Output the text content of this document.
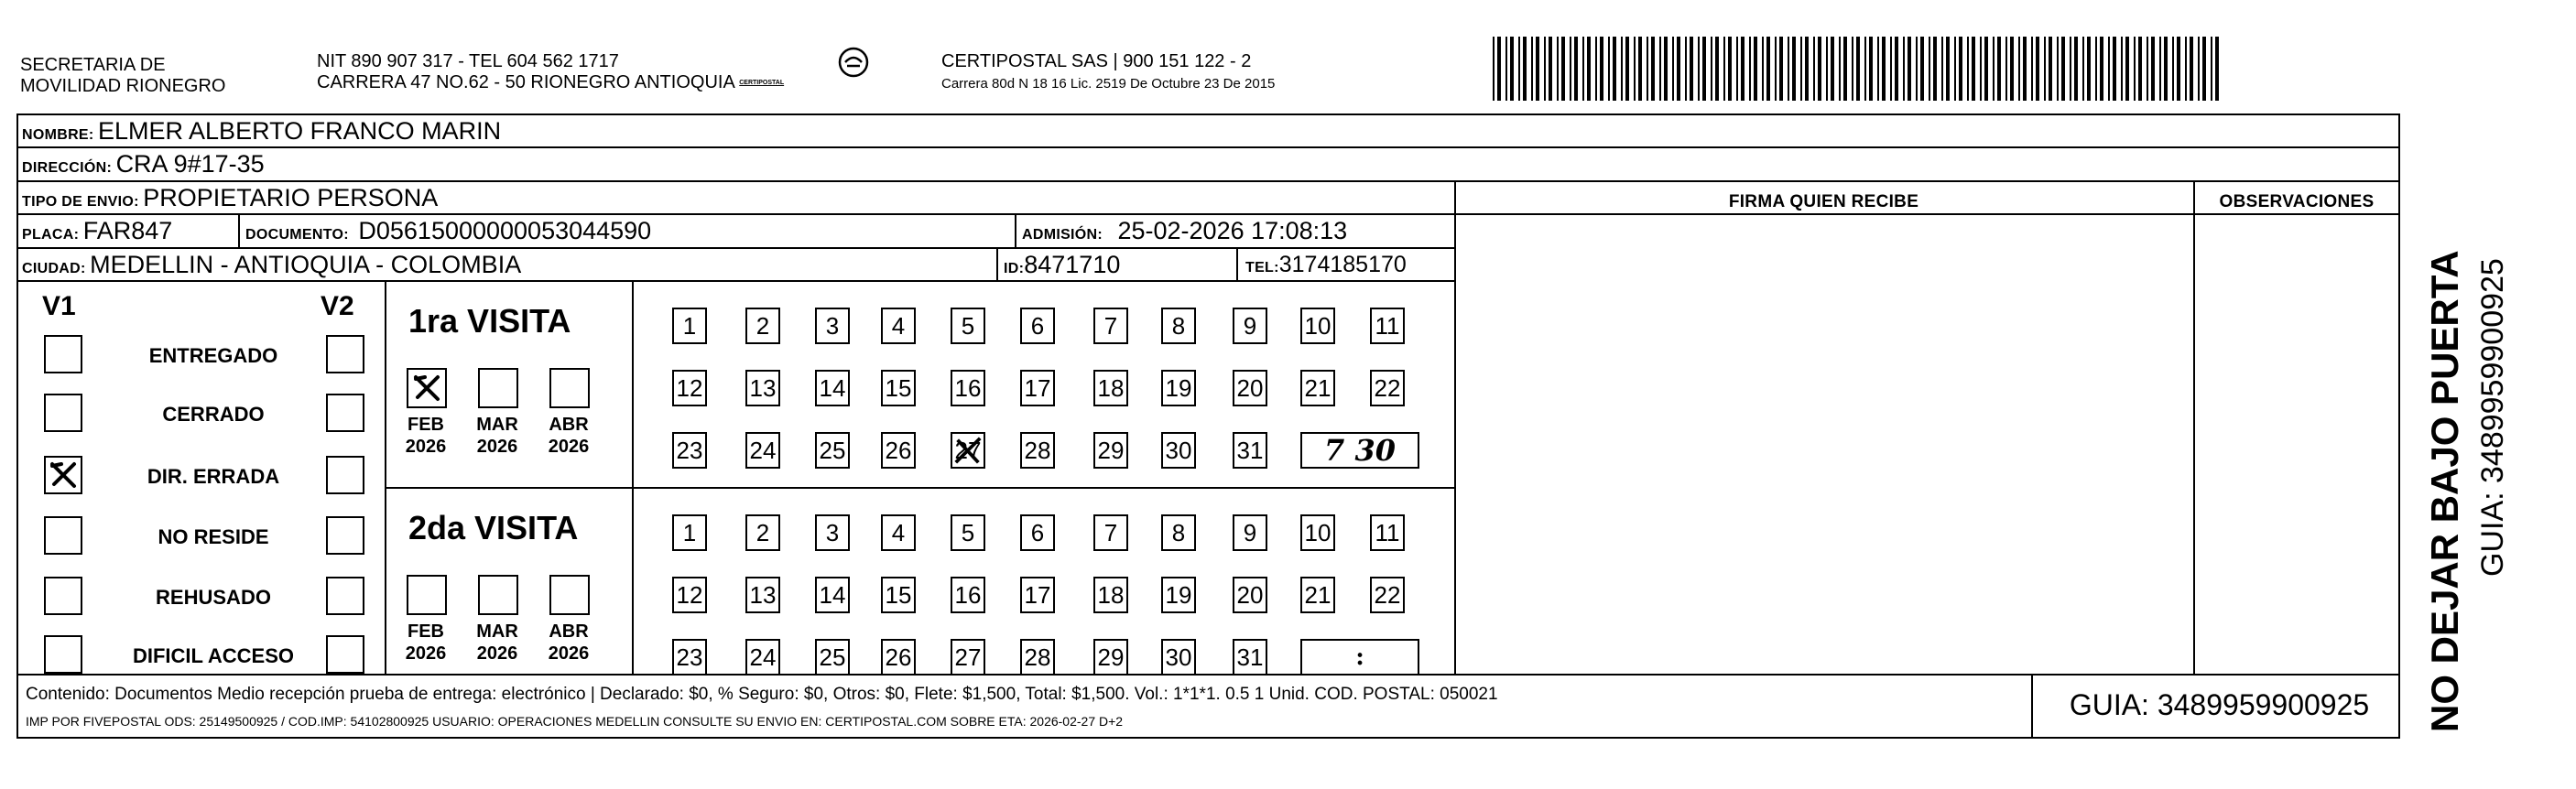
SECRETARIA DE
MOVILIDAD RIONEGRO
NIT 890 907 317 - TEL 604 562 1717
CARRERA 47 NO.62 - 50 RIONEGRO ANTIOQUIA CERTIPOSTAL
CERTIPOSTAL SAS | 900 151 122 - 2
Carrera 80d N 18 16 Lic. 2519 De Octubre 23 De 2015
NOMBRE: ELMER ALBERTO FRANCO MARIN
DIRECCIÓN: CRA 9#17-35
TIPO DE ENVIO: PROPIETARIO PERSONA	FIRMA QUIEN RECIBE	OBSERVACIONES
PLACA: FAR847	DOCUMENTO: D05615000000053044590	ADMISIÓN: 25-02-2026 17:08:13
CIUDAD: MEDELLIN - ANTIOQUIA - COLOMBIA	ID:8471710	TEL:3174185170
V1	V2
ENTREGADO
CERRADO
DIR. ERRADA
NO RESIDE
REHUSADO
DIFICIL ACCESO
1ra VISITA
FEB
2026
MAR
2026
ABR
2026
1	2	3	4	5	6	7	8	9	10 11
12 13 14 15 16 17 18 19 20 21 22
23 24 25 26 27 28 29 30 31	7 30
2da VISITA
FEB
2026
MAR
2026
ABR
2026
1	2	3	4	5	6	7	8	9	10 11
12 13 14 15 16 17 18 19 20 21 22
23 24 25 26 27 28 29 30 31	:
Contenido: Documentos Medio recepción prueba de entrega: electrónico | Declarado: $0, % Seguro: $0, Otros: $0, Flete: $1,500, Total: $1,500. Vol.: 1*1*1. 0.5 1 Unid. COD. POSTAL: 050021
IMP POR FIVEPOSTAL ODS: 25149500925 / COD.IMP: 54102800925 USUARIO: OPERACIONES MEDELLIN CONSULTE SU ENVIO EN: CERTIPOSTAL.COM SOBRE ETA: 2026-02-27 D+2	GUIA: 3489959900925	NO DEJAR BAJO PUERTA GUIA: 3489959900925
